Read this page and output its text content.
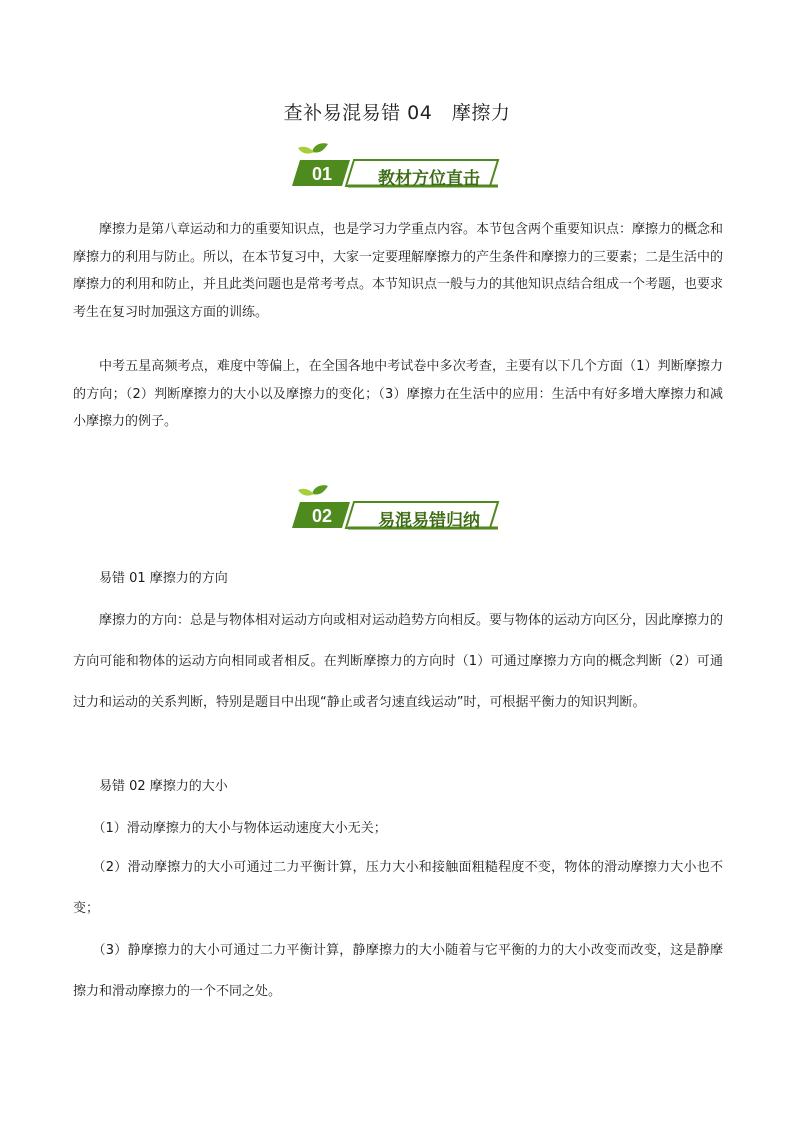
查补易混易错 04　摩擦力
01	教材方位直击

摩擦力是第八章运动和力的重要知识点，也是学习力学重点内容。本节包含两个重要知识点：摩擦力的概念和摩擦力的利用与防止。所以，在本节复习中，大家一定要理解摩擦力的产生条件和摩擦力的三要素；二是生活中的摩擦力的利用和防止，并且此类问题也是常考考点。本节知识点一般与力的其他知识点结合组成一个考题，也要求考生在复习时加强这方面的训练。

中考五星高频考点，难度中等偏上，在全国各地中考试卷中多次考查，主要有以下几个方面（1）判断摩擦力的方向；（2）判断摩擦力的大小以及摩擦力的变化；（3）摩擦力在生活中的应用：生活中有好多增大摩擦力和减小摩擦力的例子。

02	易混易错归纳

易错 01 摩擦力的方向

摩擦力的方向：总是与物体相对运动方向或相对运动趋势方向相反。要与物体的运动方向区分，因此摩擦力的方向可能和物体的运动方向相同或者相反。在判断摩擦力的方向时（1）可通过摩擦力方向的概念判断（2）可通过力和运动的关系判断，特别是题目中出现“静止或者匀速直线运动”时，可根据平衡力的知识判断。

易错 02 摩擦力的大小

（1）滑动摩擦力的大小与物体运动速度大小无关；

（2）滑动摩擦力的大小可通过二力平衡计算，压力大小和接触面粗糙程度不变，物体的滑动摩擦力大小也不变；

（3）静摩擦力的大小可通过二力平衡计算，静摩擦力的大小随着与它平衡的力的大小改变而改变，这是静摩擦力和滑动摩擦力的一个不同之处。
